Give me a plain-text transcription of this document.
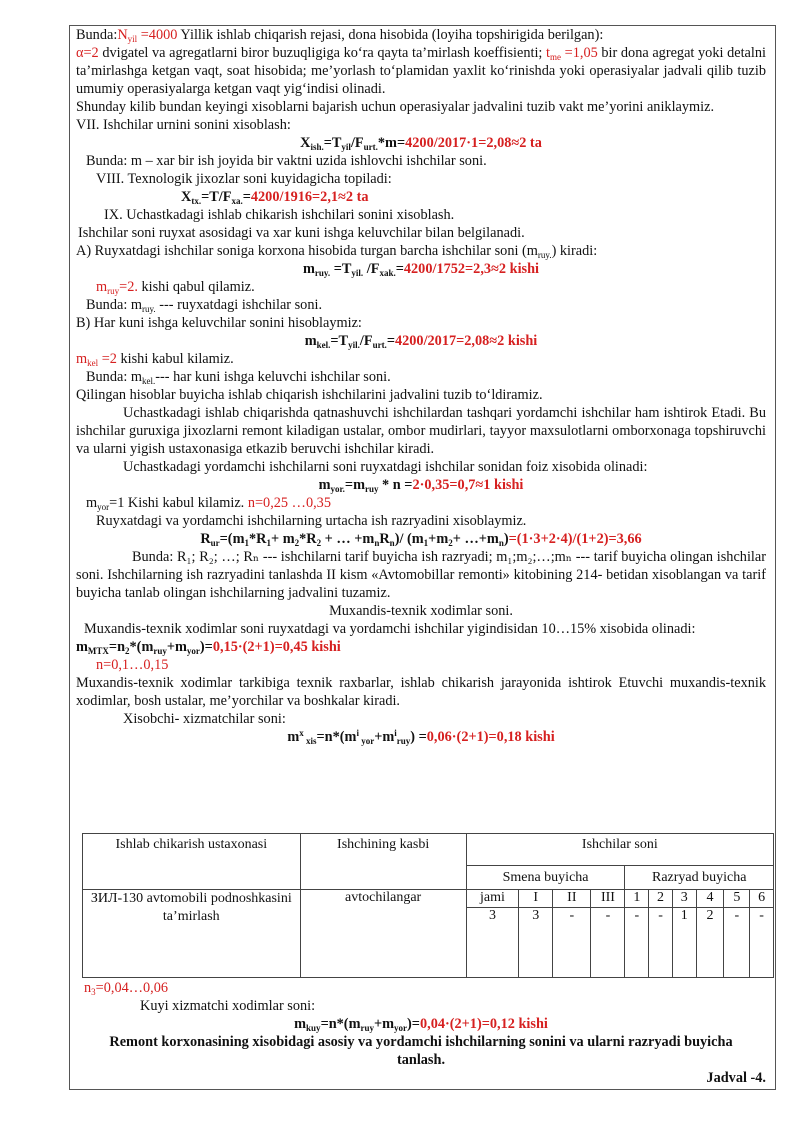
$Bunda:N_{yil} =4000$ Yillik ishlab chiqarish rejasi, dona hisobida (loyiha topshirigida berilgan):

α=2 dvigatel va agregatlarni biror buzuqligiga ko‘ra qayta ta’mirlash koeffisienti; $t_{me} =1,05$ bir dona agregat yoki detalni ta’mirlashga ketgan vaqt, soat hisobida; me’yorlash to‘plamidan yaxlit ko‘rinishda yoki operasiyalar jadvali qilib tuzib umumiy operasiyalarga ketgan vaqt yig‘indisi olinadi.

Shunday kilib bundan keyingi xisoblarni bajarish uchun operasiyalar jadvalini tuzib vakt me’yorini aniklaymiz.

VII. Ishchilar urnini sonini xisoblash:

$X_{ish.}=T_{yil}/F_{urt.}*m=4200/2017\cdot 1=2,08\approx 2$ ta

Bunda: m – xar bir ish joyida bir vaktni uzida ishlovchi ishchilar soni.

VIII. Texnologik jixozlar soni kuyidagicha topiladi:

$X_{tx.}=T/F_{xa.}=4200/1916=2,1\approx 2$ ta

IX. Uchastkadagi ishlab chikarish ishchilari sonini xisoblash.

Ishchilar soni ruyxat asosidagi va xar kuni ishga keluvchilar bilan belgilanadi.

A) Ruyxatdagi ishchilar soniga korxona hisobida turgan barcha ishchilar soni $(m_{ruy.})$ kiradi:

$m_{ruy.} =T_{yil.}$ $/F_{xak.}=4200/1752=2,3\approx 2$ kishi

$m_{ruy}=2$. kishi qabul qilamiz.

Bunda: $m_{ruy.}$ --- ruyxatdagi ishchilar soni.

B) Har kuni ishga keluvchilar sonini hisoblaymiz:

$m_{kel.}=T_{yil.}/F_{urt.}=4200/2017=2,08\approx 2$ kishi

$m_{kel} =2$ kishi kabul kilamiz.

Bunda: $m_{kel.}---$ har kuni ishga keluvchi ishchilar soni.

Qilingan hisoblar buyicha ishlab chiqarish ishchilarini jadvalini tuzib to‘ldiramiz.

Uchastkadagi ishlab chiqarishda qatnashuvchi ishchilardan tashqari yordamchi ishchilar ham ishtirok Etadi. Bu ishchilar guruxiga jixozlarni remont kiladigan ustalar, ombor mudirlari, tayyor maxsulotlarni omborxonaga topshiruvchi va ularni yigish ustaxonasiga etkazib beruvchi ishchilar kiradi.

Uchastkadagi yordamchi ishchilarni soni ruyxatdagi ishchilar sonidan foiz xisobida olinadi:

$m_{yor.}=m_{ruy} * n =2\cdot 0,35=0,7\approx 1$ kishi

$m_{yor}=1$ Kishi kabul kilamiz. n=0,25 …0,35

Ruyxatdagi va yordamchi ishchilarning urtacha ish razryadini xisoblaymiz.

$R_{ur}=(m_1*R_1+ m_2*R_2$ + … $+m_nR_n)/$ ($m_1+m_2+$ $\dots+m_n)=(1\cdot 3+2\cdot 4)/(1+2)=3,66$

Bunda: R₁; R₂; …; Rₙ --- ishchilarni tarif buyicha ish razryadi; m₁;m₂;…;mₙ --- tarif buyicha olingan ishchilar soni. Ishchilarning ish razryadini tanlashda II kism «Avtomobillar remonti» kitobining 214- betidan xisoblangan va tarif buyicha tanlab olingan ishchilarning jadvalini tuzamiz.

Muxandis-texnik xodimlar soni.

Muxandis-texnik xodimlar soni ruyxatdagi va yordamchi ishchilar yigindisidan 10…15% xisobida olinadi:

$m_{MTX}=n_2*(m_{ruy}+m_{yor})=0,15\cdot(2+1)=0,45$ kishi

n=0,1…0,15

Muxandis-texnik xodimlar tarkibiga texnik raxbarlar, ishlab chikarish jarayonida ishtirok Etuvchi muxandis-texnik xodimlar, bosh ustalar, me’yorchilar va boshkalar kiradi.

Xisobchi- xizmatchilar soni:

$m^x$ $_{xis}=n*(m^i$ $_{yor}+m^i_{ruy}) =0,06\cdot(2+1)=0,18$ kishi

Ishlab chikarish ustaxonasi	Ishchining kasbi	Ishchilar soni									
		Smena buyicha				Razryad buyicha					
ЗИЛ-130 avtomobili podnoshkasini ta’mirlash	avtochilangar	jami	I	II	III	1	2	3	4	5	6
		3	3	-	-	-	-	1	2	-	-

$n_3=0,04\dots 0,06$

Kuyi xizmatchi xodimlar soni:

$m_{kuy}=n*(m_{ruy}+m_{yor})=0,04\cdot(2+1)=0,12$ kishi

Remont korxonasining xisobidagi asosiy va yordamchi ishchilarning sonini va ularni razryadi buyicha tanlash.

Jadval -4.
